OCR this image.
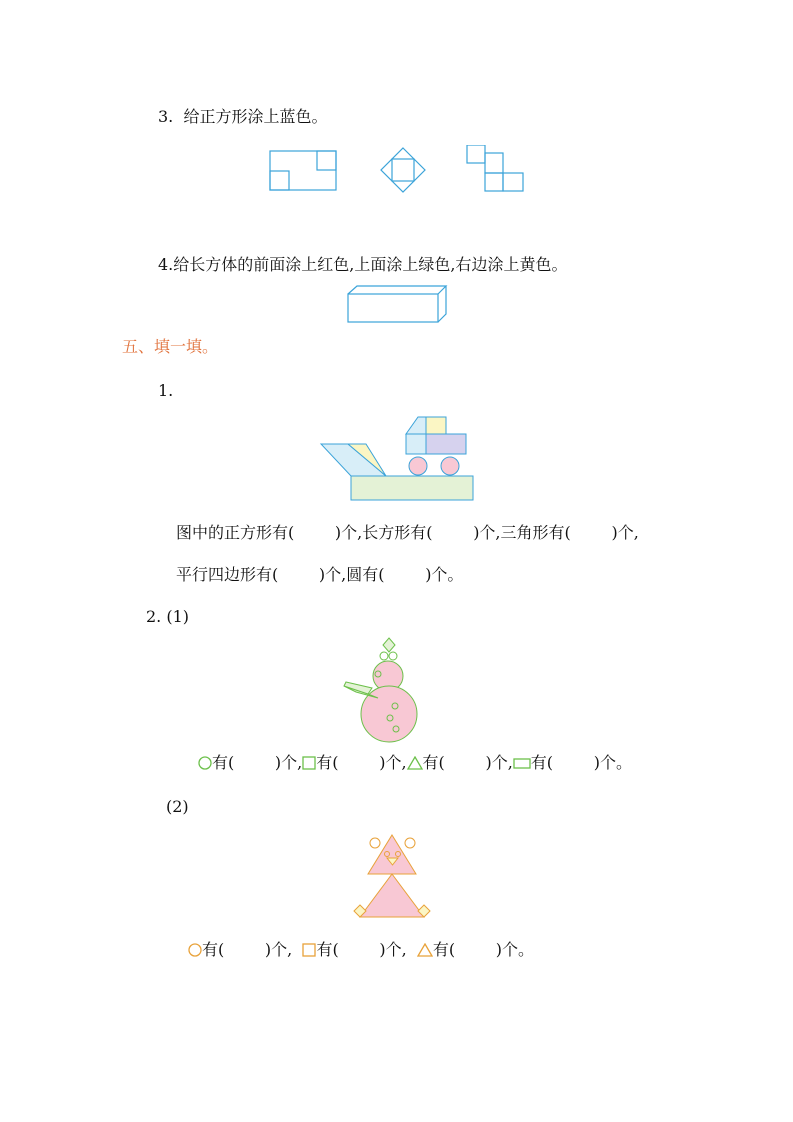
3.  给正方形涂上蓝色。
4.给长方体的前面涂上红色,上面涂上绿色,右边涂上黄色。
五、填一填。
1.
图中的正方形有(        )个,长方形有(        )个,三角形有(        )个,
平行四边形有(        )个,圆有(        )个。
2. (1)
有(        )个, 有(        )个, 有(        )个, 有(        )个。
(2)
有(        )个, 有(        )个, 有(        )个。
